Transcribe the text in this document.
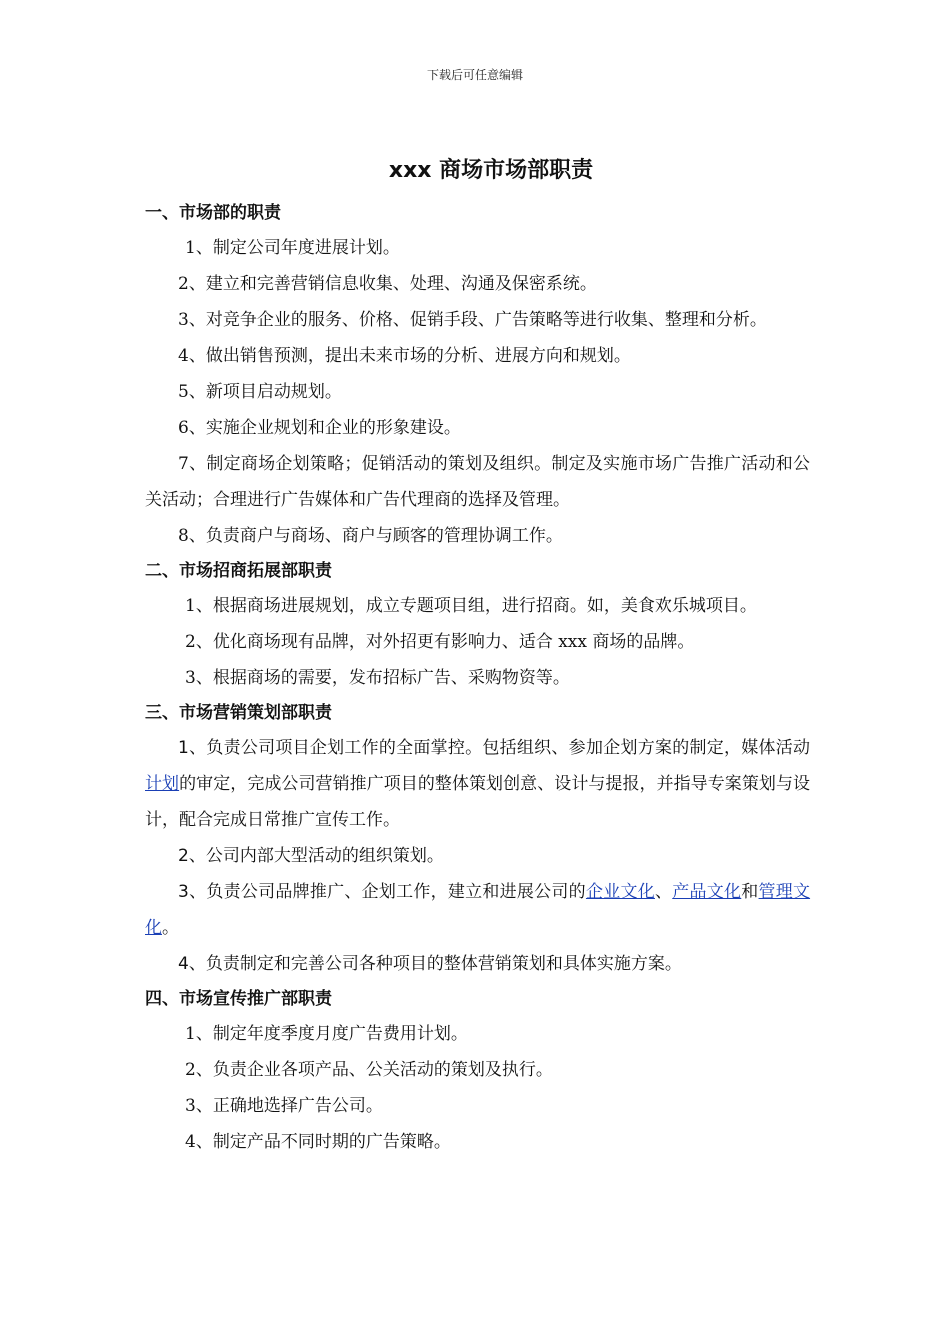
下载后可任意编辑
xxx 商场市场部职责
一、市场部的职责
1、制定公司年度进展计划。
2、建立和完善营销信息收集、处理、沟通及保密系统。
3、对竞争企业的服务、价格、促销手段、广告策略等进行收集、整理和分析。
4、做出销售预测，提出未来市场的分析、进展方向和规划。
5、新项目启动规划。
6、实施企业规划和企业的形象建设。
7、制定商场企划策略；促销活动的策划及组织。制定及实施市场广告推广活动和公关活动；合理进行广告媒体和广告代理商的选择及管理。
8、负责商户与商场、商户与顾客的管理协调工作。
二、市场招商拓展部职责
1、根据商场进展规划，成立专题项目组，进行招商。如，美食欢乐城项目。
2、优化商场现有品牌，对外招更有影响力、适合 xxx 商场的品牌。
3、根据商场的需要，发布招标广告、采购物资等。
三、市场营销策划部职责
1、负责公司项目企划工作的全面掌控。包括组织、参加企划方案的制定，媒体活动计划的审定，完成公司营销推广项目的整体策划创意、设计与提报，并指导专案策划与设计，配合完成日常推广宣传工作。
2、公司内部大型活动的组织策划。
3、负责公司品牌推广、企划工作，建立和进展公司的企业文化、产品文化和管理文化。
4、负责制定和完善公司各种项目的整体营销策划和具体实施方案。
四、市场宣传推广部职责
1、制定年度季度月度广告费用计划。
2、负责企业各项产品、公关活动的策划及执行。
3、正确地选择广告公司。
4、制定产品不同时期的广告策略。
